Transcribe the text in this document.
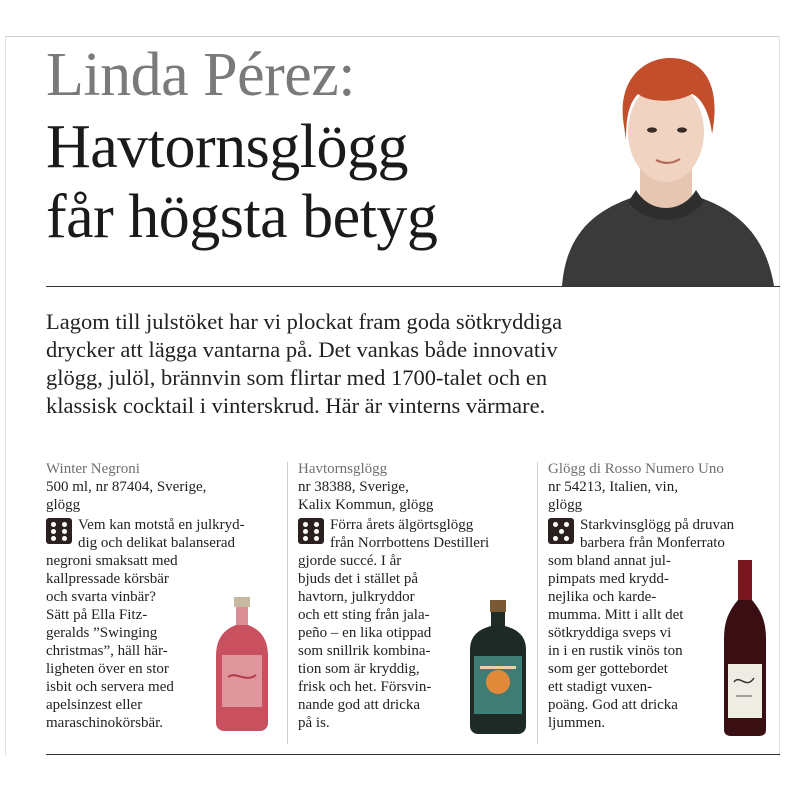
Linda Pérez:
Havtornsglögg
får högsta betyg
Lagom till julstöket har vi plockat fram goda sötkryddiga
drycker att lägga vantarna på. Det vankas både innovativ
glögg, julöl, brännvin som flirtar med 1700-talet och en
klassisk cocktail i vinterskrud. Här är vinterns värmare.
Winter Negroni
500 ml, nr 87404, Sverige,
glögg
Vem kan motstå en julkryd-
dig och delikat balanserad
negroni smaksatt med
kallpressade körsbär
och svarta vinbär?
Sätt på Ella Fitz-
geralds ”Swinging
christmas”, häll här-
ligheten över en stor
isbit och servera med
apelsinzest eller
maraschinokörsbär.
Havtornsglögg
nr 38388, Sverige,
Kalix Kommun, glögg
Förra årets älgörtsglögg
från Norrbottens Destilleri
gjorde succé. I år
bjuds det i stället på
havtorn, julkryddor
och ett sting från jala-
peño – en lika otippad
som snillrik kombina-
tion som är kryddig,
frisk och het. Försvin-
nande god att dricka
på is.
Glögg di Rosso Numero Uno
nr 54213, Italien, vin,
glögg
Starkvinsglögg på druvan
barbera från Monferrato
som bland annat jul-
pimpats med krydd-
nejlika och karde-
mumma. Mitt i allt det
sötkryddiga sveps vi
in i en rustik vinös ton
som ger gottebordet
ett stadigt vuxen-
poäng. God att dricka
ljummen.
